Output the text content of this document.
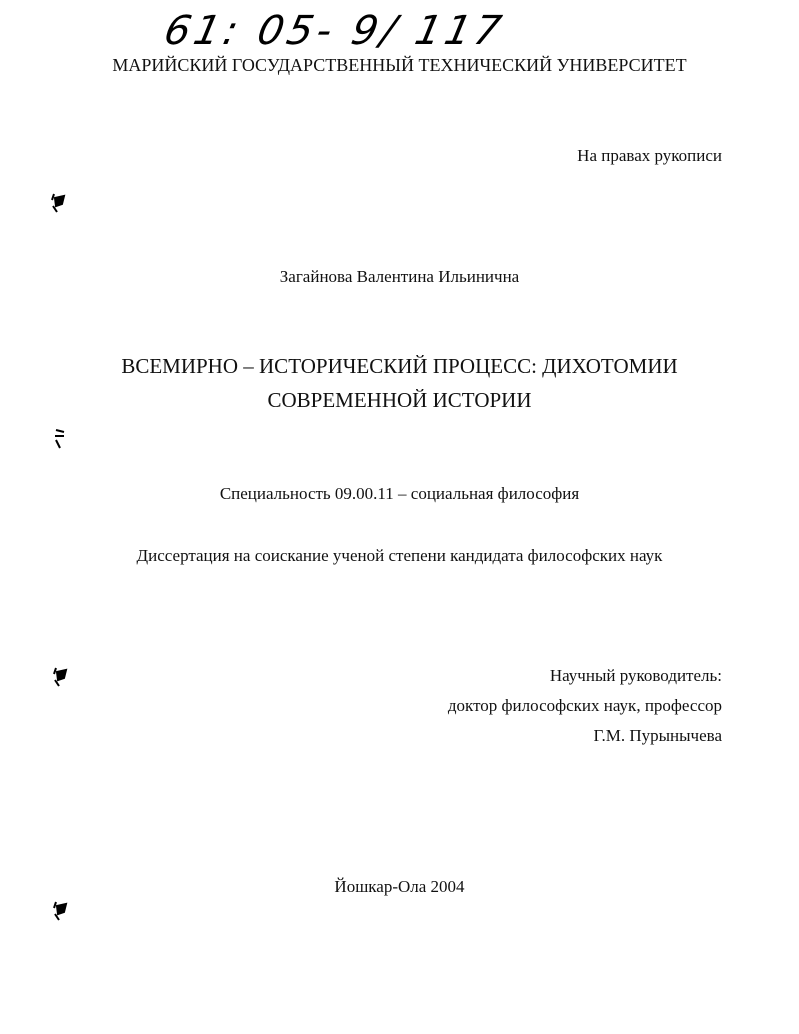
61: 05- 9/ 117
МАРИЙСКИЙ ГОСУДАРСТВЕННЫЙ ТЕХНИЧЕСКИЙ УНИВЕРСИТЕТ
На правах рукописи
Загайнова Валентина Ильинична
ВСЕМИРНО – ИСТОРИЧЕСКИЙ ПРОЦЕСС: ДИХОТОМИИ
СОВРЕМЕННОЙ ИСТОРИИ
Специальность 09.00.11 – социальная философия
Диссертация на соискание ученой степени кандидата философских наук
Научный руководитель:
доктор философских наук, профессор
Г.М. Пурынычева
Йошкар-Ола 2004
